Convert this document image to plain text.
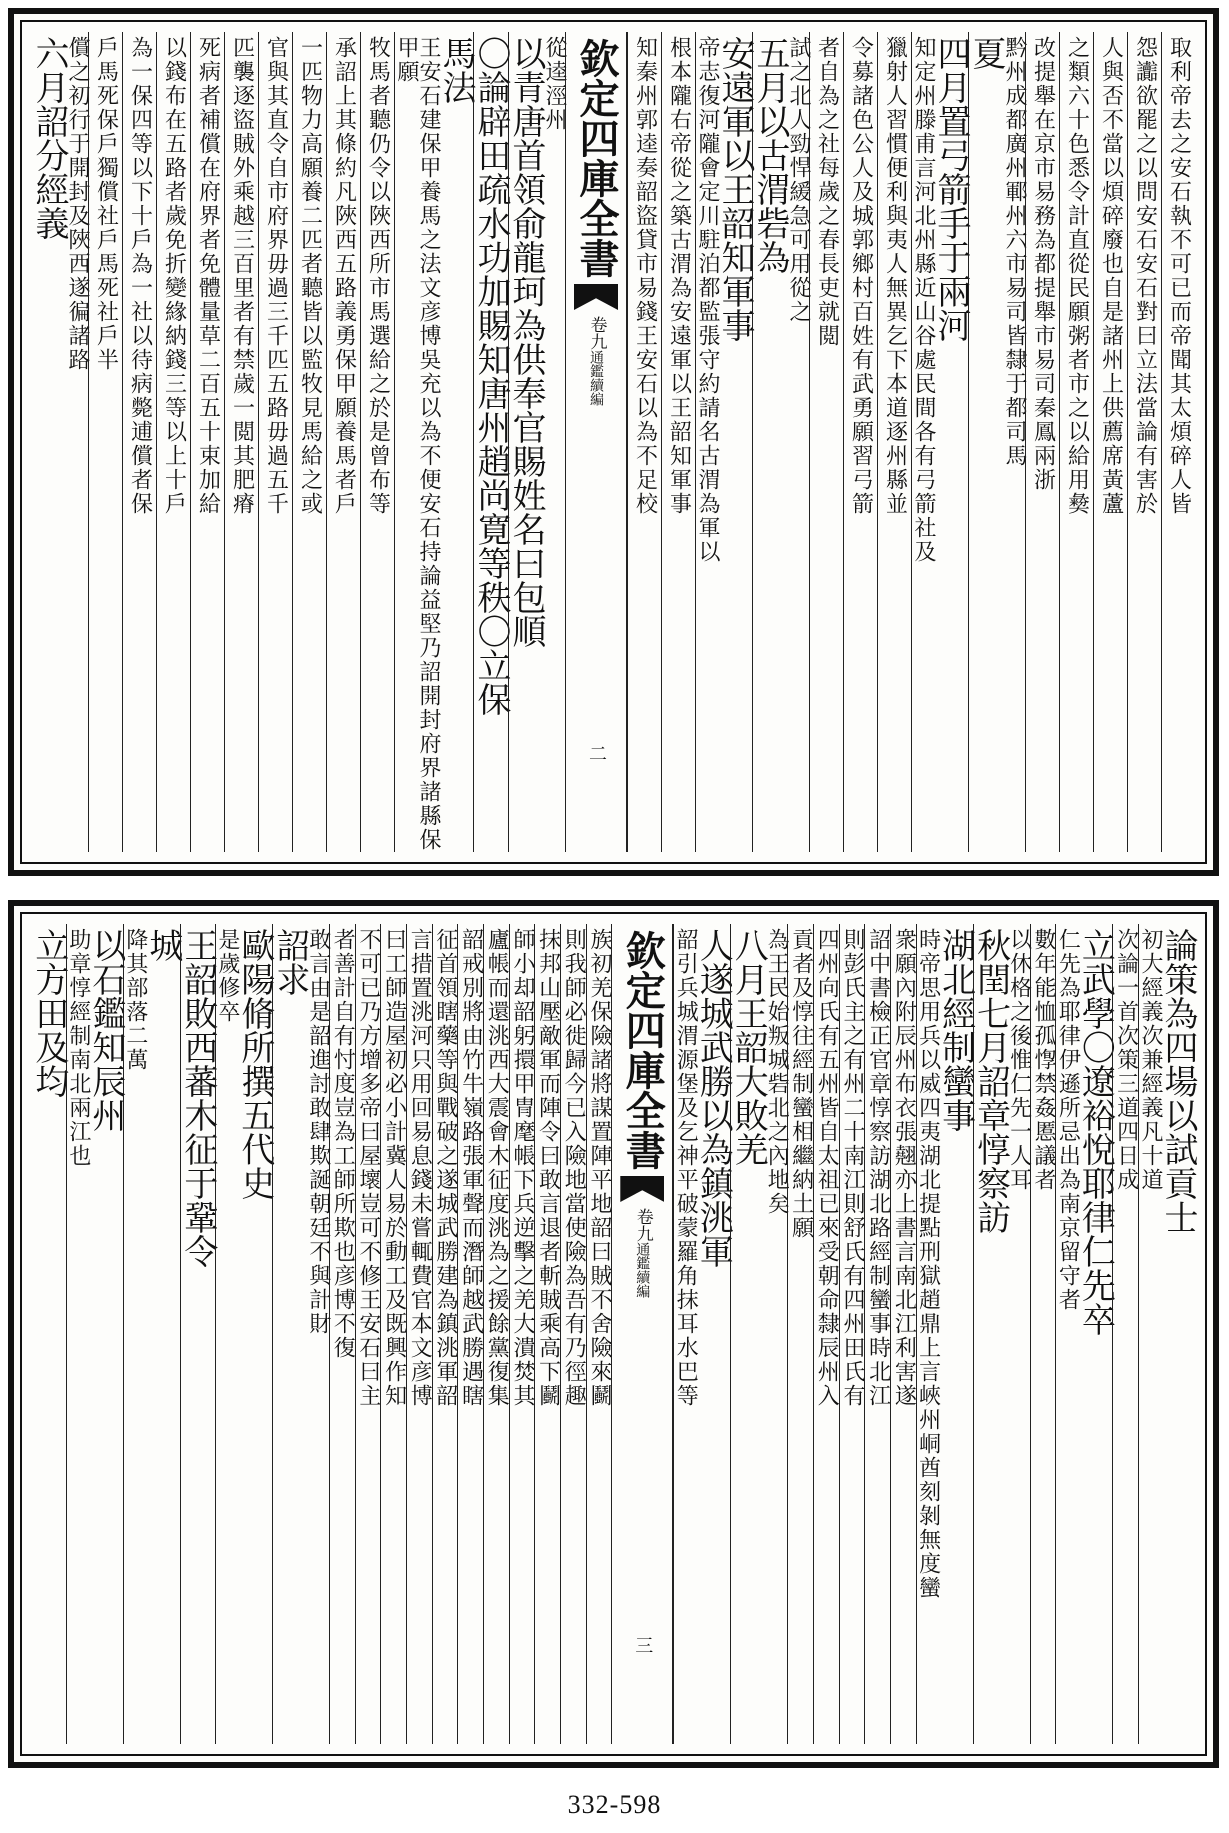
取利帝去之安石執不可已而帝聞其太煩碎人皆
怨讟欲罷之以問安石安石對曰立法當論有害於
人與否不當以煩碎廢也自是諸州上供薦席黃蘆
之類六十色悉令計直從民願粥者市之以給用𢑱
改提舉在京市易務為都提舉市易司秦鳳兩浙
黔州成都廣州鄆州六市易司皆隸于都司馬
夏
四月置弓箭手于兩河
知定州滕甫言河北州縣近山谷處民間各有弓箭社及
獵射人習慣便利與夷人無異乞下本道逐州縣並
令募諸色公人及城郭鄉村百姓有武勇願習弓箭
者自為之社每歲之春長吏就閲
試之北人勁悍緩急可用從之
五月以古渭砦為
安遠軍以王韶知軍事
帝志復河隴會定川駐泊都監張守約請名古渭為軍以
根本隴右帝從之築古渭為安遠軍以王韶知軍事
知秦州郭逵奏韶盜貸市易錢王安石以為不足校
欽定四庫全書
卷九
通鑑續編
二
從逵涇州
以青唐首領俞龍珂為供奉官賜姓名曰包順
〇論辟田疏水功加賜知唐州趙尚寛等秩〇立保
馬法
王安石建保甲養馬之法文彦博吳充以為不便安石持論益堅乃詔開封府界諸縣保甲願
牧馬者聽仍令以陜西所市馬選給之於是曾布等
承詔上其條約凡陜西五路義勇保甲願養馬者戶
一匹物力高願養二匹者聽皆以監牧見馬給之或
官與其直令自市府界毋過三千匹五路毋過五千
匹襲逐盜賊外乘越三百里者有禁歲一閲其肥瘠
死病者補償在府界者免體量草二百五十束加給
以錢布在五路者歲免折變緣納錢三等以上十戶
為一保四等以下十戶為一社以待病斃逋償者保
戶馬死保戶獨償社戶馬死社戶半
償之初行于開封及陜西遂徧諸路
六月詔分經義
論策為四場以試貢士
初大經義次兼經義凡十道
次論一首次策三道四日成
立武學〇遼裕悅耶律仁先卒
仁先為耶律伊遜所忌出為南京留守者
數年能恤孤惸禁姦慝議者
以休格之後惟仁先一人耳
秋閏七月詔章惇察訪
湖北經制蠻事
時帝思用兵以威四夷湖北提點刑獄趙鼎上言峽州峒酋刻剝無度蠻
衆願內附辰州布衣張翹亦上書言南北江利害遂
詔中書檢正官章惇察訪湖北路經制蠻事時北江
則彭氏主之有州二十南江則舒氏有四州田氏有
四州向氏有五州皆自太祖已來受朝命隸辰州入
貢者及惇往經制蠻相繼納土願
為王民始叛城砦北之內地矣
八月王韶大敗羌
人遂城武勝以為鎮洮軍
韶引兵城渭源堡及乞神平破蒙羅角抹耳水巴等
欽定四庫全書
卷九
通鑑續編
三
族初羌保險諸將謀置陣平地韶曰賊不舍險來鬬
則我師必徙歸今已入險地當使險為吾有乃徑趣
抹邦山壓敵軍而陣令曰敢言退者斬賊乘高下鬬
師小却韶躬擐甲冑麾帳下兵逆擊之羌大潰焚其
廬帳而還洮西大震會木征度洮為之援餘黨復集
韶戒別將由竹牛嶺路張軍聲而潛師越武勝遇瞎
征首領瞎藥等與戰破之遂城武勝建為鎮洮軍韶
言措置洮河只用回易息錢未嘗輒費官本文彦博
曰工師造屋初必小計冀人易於動工及既興作知
不可已乃方增多帝曰屋壞豈可不修王安石曰主
者善計自有忖度豈為工師所欺也彦博不復
敢言由是韶進討敢肆欺誕朝廷不與計財
詔求
歐陽脩所撰五代史
是歲修卒
王韶敗西蕃木征于鞏令
城
降其部落二萬
以石鑑知辰州
助章惇經制南北兩江也
立方田及均
332-598
